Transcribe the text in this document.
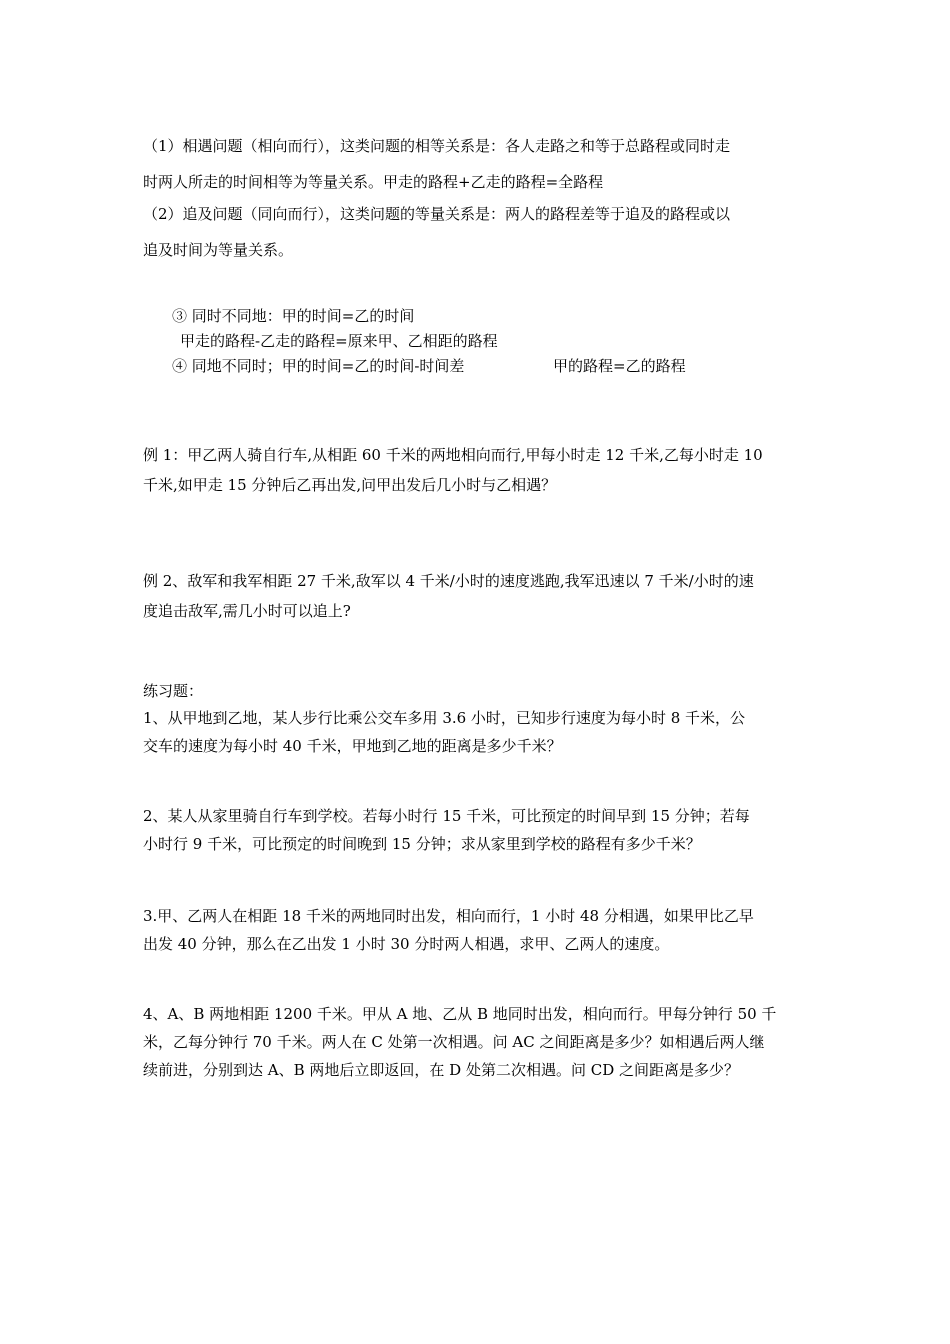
（1）相遇问题（相向而行），这类问题的相等关系是：各人走路之和等于总路程或同时走
时两人所走的时间相等为等量关系。甲走的路程+乙走的路程=全路程
（2）追及问题（同向而行），这类问题的等量关系是：两人的路程差等于追及的路程或以
追及时间为等量关系。
③ 同时不同地：甲的时间=乙的时间
甲走的路程-乙走的路程=原来甲、乙相距的路程
④ 同地不同时；甲的时间=乙的时间-时间差	甲的路程=乙的路程
例 1：甲乙两人骑自行车,从相距 60 千米的两地相向而行,甲每小时走 12 千米,乙每小时走 10
千米,如甲走 15 分钟后乙再出发,问甲出发后几小时与乙相遇？
例 2、敌军和我军相距 27 千米,敌军以 4 千米/小时的速度逃跑,我军迅速以 7 千米/小时的速
度追击敌军,需几小时可以追上?
练习题：
1、从甲地到乙地，某人步行比乘公交车多用 3.6 小时，已知步行速度为每小时 8 千米，公
交车的速度为每小时 40 千米，甲地到乙地的距离是多少千米？
2、某人从家里骑自行车到学校。若每小时行 15 千米，可比预定的时间早到 15 分钟；若每
小时行 9 千米，可比预定的时间晚到 15 分钟；求从家里到学校的路程有多少千米？
3.甲、乙两人在相距 18 千米的两地同时出发，相向而行，1 小时 48 分相遇，如果甲比乙早
出发 40 分钟，那么在乙出发 1 小时 30 分时两人相遇，求甲、乙两人的速度。
4、A、B 两地相距 1200 千米。甲从 A 地、乙从 B 地同时出发，相向而行。甲每分钟行 50 千
米，乙每分钟行 70 千米。两人在 C 处第一次相遇。问 AC 之间距离是多少？如相遇后两人继
续前进，分别到达 A、B 两地后立即返回，在 D 处第二次相遇。问 CD 之间距离是多少？
